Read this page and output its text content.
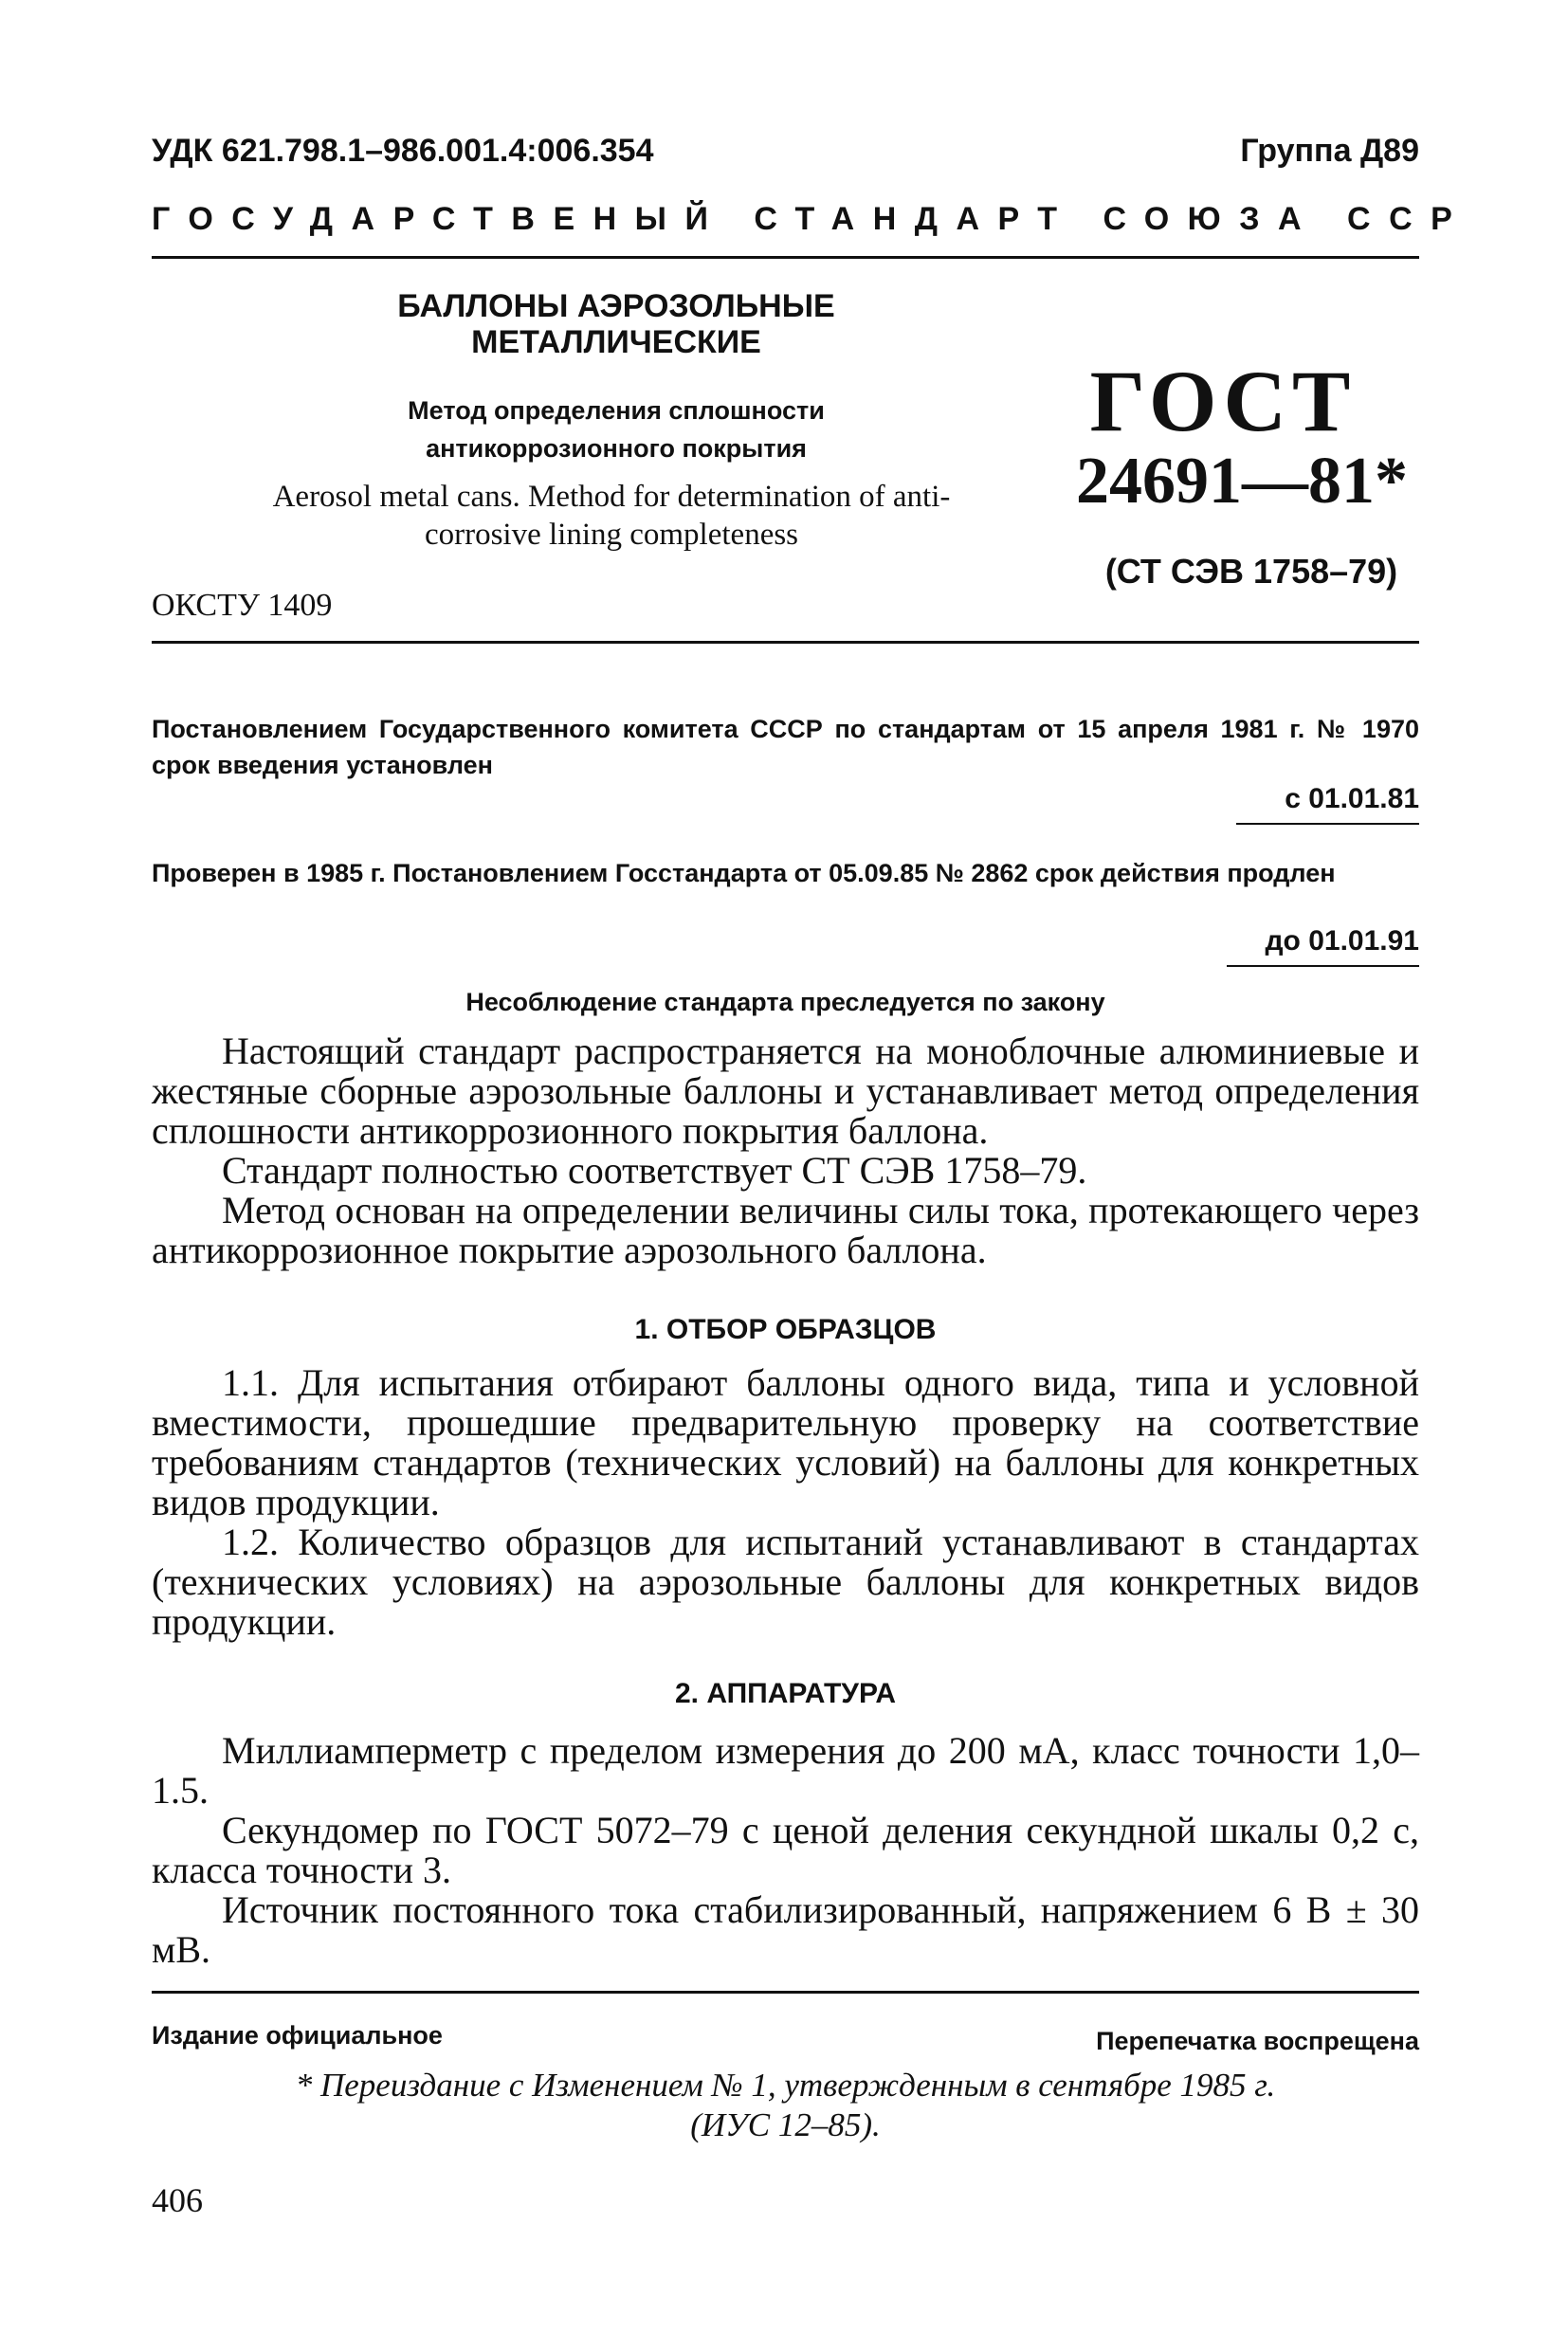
УДК 621.798.1–986.001.4:006.354	Группа Д89
ГОСУДАРСТВЕНЫЙ СТАНДАРТ СОЮЗА ССР
БАЛЛОНЫ АЭРОЗОЛЬНЫЕ
МЕТАЛЛИЧЕСКИЕ
Метод определения сплошности
антикоррозионного покрытия
Aerosol metal cans. Method for determination of anti-
corrosive lining completeness
ОКСТУ 1409
ГОСТ
24691—81*
(СТ СЭВ 1758–79)
Постановлением Государственного комитета СССР по стандартам от 15 апреля 1981 г. № 1970 срок введения установлен
с 01.01.81
Проверен в 1985 г. Постановлением Госстандарта от 05.09.85 № 2862 срок действия продлен
до 01.01.91
Несоблюдение стандарта преследуется по закону

Настоящий стандарт распространяется на моноблочные алюминиевые и жестяные сборные аэрозольные баллоны и устанавливает метод определения сплошности антикоррозионного покрытия баллона.

Стандарт полностью соответствует СТ СЭВ 1758–79.

Метод основан на определении величины силы тока, протекающего через антикоррозионное покрытие аэрозольного баллона.

1. ОТБОР ОБРАЗЦОВ

1.1. Для испытания отбирают баллоны одного вида, типа и условной вместимости, прошедшие предварительную проверку на соответствие требованиям стандартов (технических условий) на баллоны для конкретных видов продукции.

1.2. Количество образцов для испытаний устанавливают в стандартах (технических условиях) на аэрозольные баллоны для конкретных видов продукции.

2. АППАРАТУРА

Миллиамперметр с пределом измерения до 200 мА, класс точности 1,0–1.5.

Секундомер по ГОСТ 5072–79 с ценой деления секундной шкалы 0,2 с, класса точности 3.

Источник постоянного тока стабилизированный, напряжением 6 В ± 30 мВ.

Издание официальное	Перепечатка воспрещена
* Переиздание с Изменением № 1, утвержденным в сентябре 1985 г.
(ИУС 12–85).
406
